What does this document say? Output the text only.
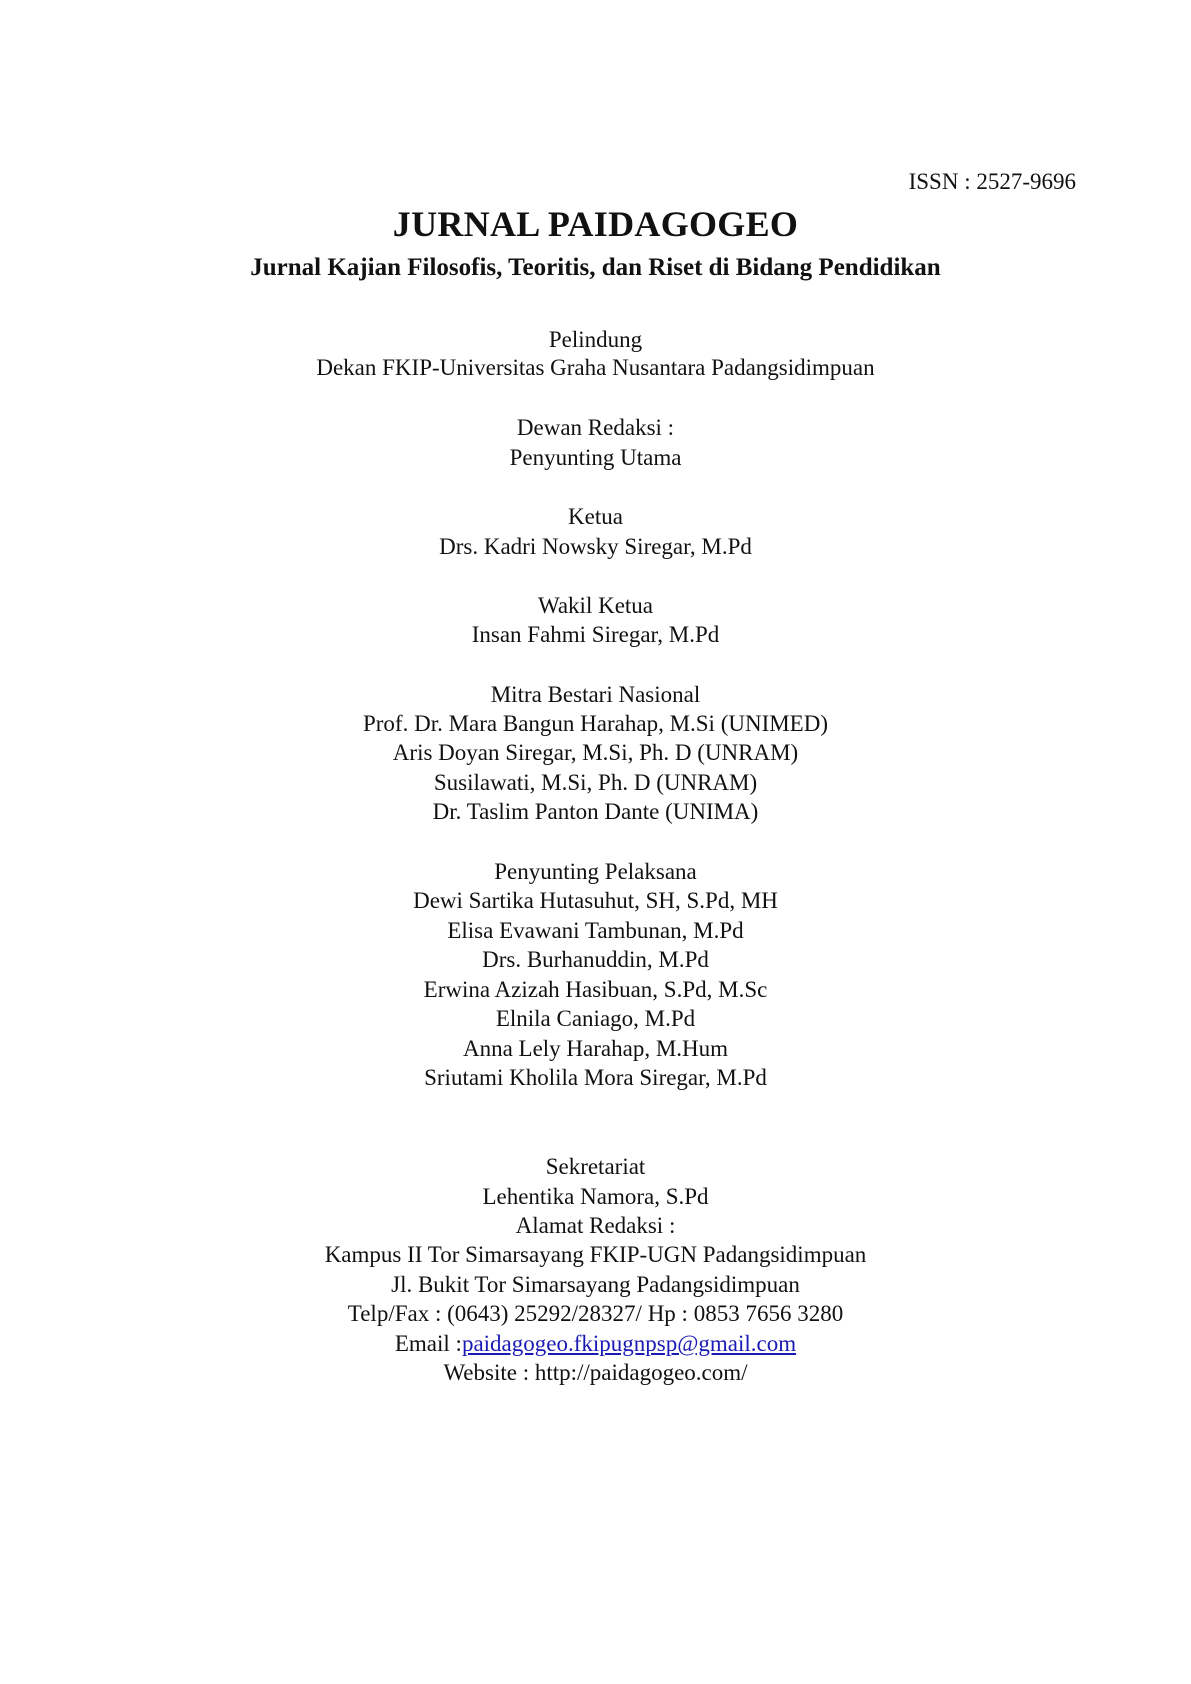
ISSN : 2527-9696
JURNAL PAIDAGOGEO
Jurnal Kajian Filosofis, Teoritis, dan Riset di Bidang Pendidikan
Pelindung
Dekan FKIP-Universitas Graha Nusantara Padangsidimpuan
Dewan Redaksi :
Penyunting Utama
Ketua
Drs. Kadri Nowsky Siregar, M.Pd
Wakil Ketua
Insan Fahmi Siregar, M.Pd
Mitra Bestari Nasional
Prof. Dr. Mara Bangun Harahap, M.Si (UNIMED)
Aris Doyan Siregar, M.Si, Ph. D (UNRAM)
Susilawati, M.Si, Ph. D (UNRAM)
Dr. Taslim Panton Dante (UNIMA)
Penyunting Pelaksana
Dewi Sartika Hutasuhut, SH, S.Pd, MH
Elisa Evawani Tambunan, M.Pd
Drs. Burhanuddin, M.Pd
Erwina Azizah Hasibuan, S.Pd, M.Sc
Elnila Caniago, M.Pd
Anna Lely Harahap, M.Hum
Sriutami Kholila Mora Siregar, M.Pd
Sekretariat
Lehentika Namora, S.Pd
Alamat Redaksi :
Kampus II Tor Simarsayang FKIP-UGN Padangsidimpuan
Jl. Bukit Tor Simarsayang Padangsidimpuan
Telp/Fax : (0643) 25292/28327/ Hp : 0853 7656 3280
Email :paidagogeo.fkipugnpsp@gmail.com
Website : http://paidagogeo.com/
